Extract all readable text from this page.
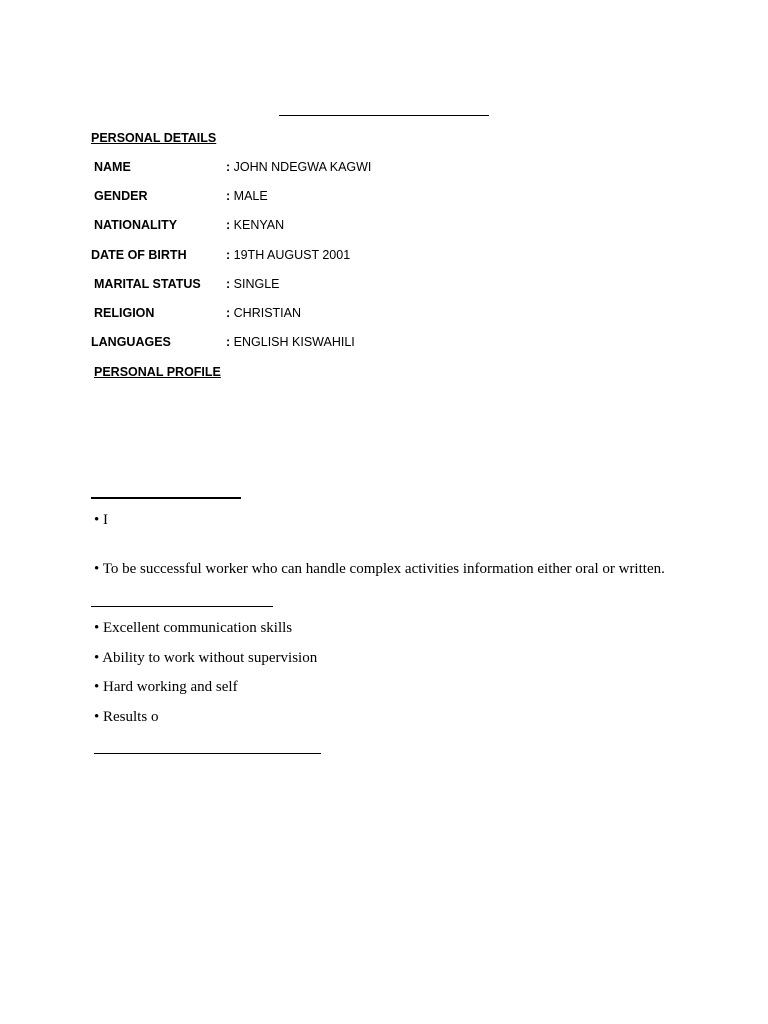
PERSONAL DETAILS
NAME	: JOHN NDEGWA KAGWI
GENDER	: MALE
NATIONALITY	: KENYAN
DATE OF BIRTH	: 19TH AUGUST 2001
MARITAL STATUS : SINGLE
RELIGION	: CHRISTIAN
LANGUAGES	: ENGLISH KISWAHILI
PERSONAL PROFILE
• I
• To be successful worker who can handle complex activities information either oral or written.
• Excellent communication skills
• Ability to work without supervision
• Hard working and self
• Results o
